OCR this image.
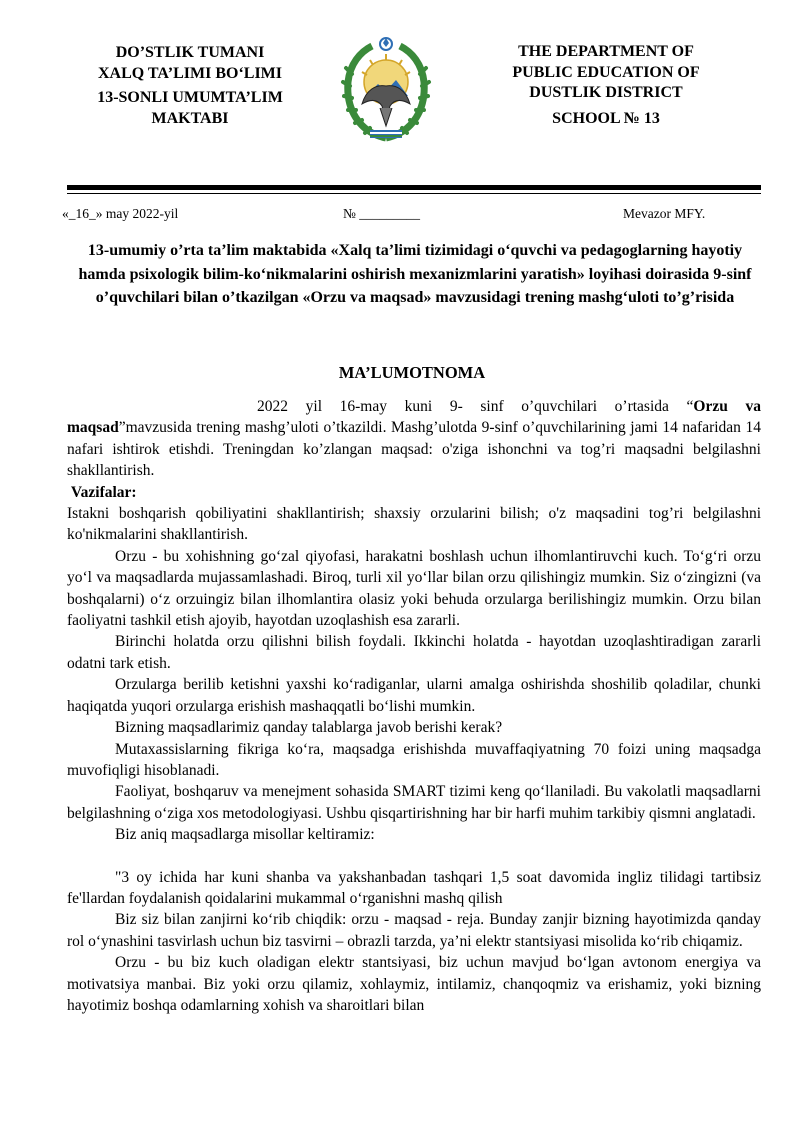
DO’STLIK TUMANI
XALQ TA’LIMI BO‘LIMI
13-SONLI UMUMTA’LIM
MAKTABI
THE DEPARTMENT OF
PUBLIC EDUCATION OF
DUSTLIK DISTRICT
SCHOOL № 13
«_16_» may 2022-yil	№ _________	Mevazor MFY.
13-umumiy o’rta ta’lim maktabida «Xalq ta’limi tizimidagi o‘quvchi va pedagoglarning hayotiy hamda psixologik bilim-ko‘nikmalarini oshirish mexanizmlarini yaratish» loyihasi doirasida 9-sinf o’quvchilari bilan o’tkazilgan «Orzu va maqsad» mavzusidagi trening mashg‘uloti to’g’risida
MA’LUMOTNOMA

2022 yil 16-may kuni 9- sinf o’quvchilari o’rtasida “Orzu va maqsad”mavzusida trening mashg’uloti o’tkazildi. Mashg’ulotda 9-sinf o’quvchilarining jami 14 nafaridan 14 nafari ishtirok etishdi. Treningdan ko’zlangan maqsad: o'ziga ishonchni va tog’ri maqsadni belgilashni shakllantirish.

Vazifalar:

Istakni boshqarish qobiliyatini shakllantirish; shaxsiy orzularini bilish; o'z maqsadini tog’ri belgilashni ko'nikmalarini shakllantirish.

Orzu - bu xohishning go‘zal qiyofasi, harakatni boshlash uchun ilhomlantiruvchi kuch. To‘g‘ri orzu yo‘l va maqsadlarda mujassamlashadi. Biroq, turli xil yo‘llar bilan orzu qilishingiz mumkin. Siz o‘zingizni (va boshqalarni) o‘z orzuingiz bilan ilhomlantira olasiz yoki behuda orzularga berilishingiz mumkin. Orzu bilan faoliyatni tashkil etish ajoyib, hayotdan uzoqlashish esa zararli.

Birinchi holatda orzu qilishni bilish foydali. Ikkinchi holatda - hayotdan uzoqlashtiradigan zararli odatni tark etish.

Orzularga berilib ketishni yaxshi ko‘radiganlar, ularni amalga oshirishda shoshilib qoladilar, chunki haqiqatda yuqori orzularga erishish mashaqqatli bo‘lishi mumkin.

Bizning maqsadlarimiz qanday talablarga javob berishi kerak?

Mutaxassislarning fikriga ko‘ra, maqsadga erishishda muvaffaqiyatning 70 foizi uning maqsadga muvofiqligi hisoblanadi.

Faoliyat, boshqaruv va menejment sohasida SMART tizimi keng qo‘llaniladi. Bu vakolatli maqsadlarni belgilashning o‘ziga xos metodologiyasi. Ushbu qisqartirishning har bir harfi muhim tarkibiy qismni anglatadi.

Biz aniq maqsadlarga misollar keltiramiz:

"3 oy ichida har kuni shanba va yakshanbadan tashqari 1,5 soat davomida ingliz tilidagi tartibsiz fe'llardan foydalanish qoidalarini mukammal o‘rganishni mashq qilish

Biz siz bilan zanjirni ko‘rib chiqdik: orzu - maqsad - reja. Bunday zanjir bizning hayotimizda qanday rol o‘ynashini tasvirlash uchun biz tasvirni – obrazli tarzda, ya’ni elektr stantsiyasi misolida ko‘rib chiqamiz.

Orzu - bu biz kuch oladigan elektr stantsiyasi, biz uchun mavjud bo‘lgan avtonom energiya va motivatsiya manbai. Biz yoki orzu qilamiz, xohlaymiz, intilamiz, chanqoqmiz va erishamiz, yoki bizning hayotimiz boshqa odamlarning xohish va sharoitlari bilan
